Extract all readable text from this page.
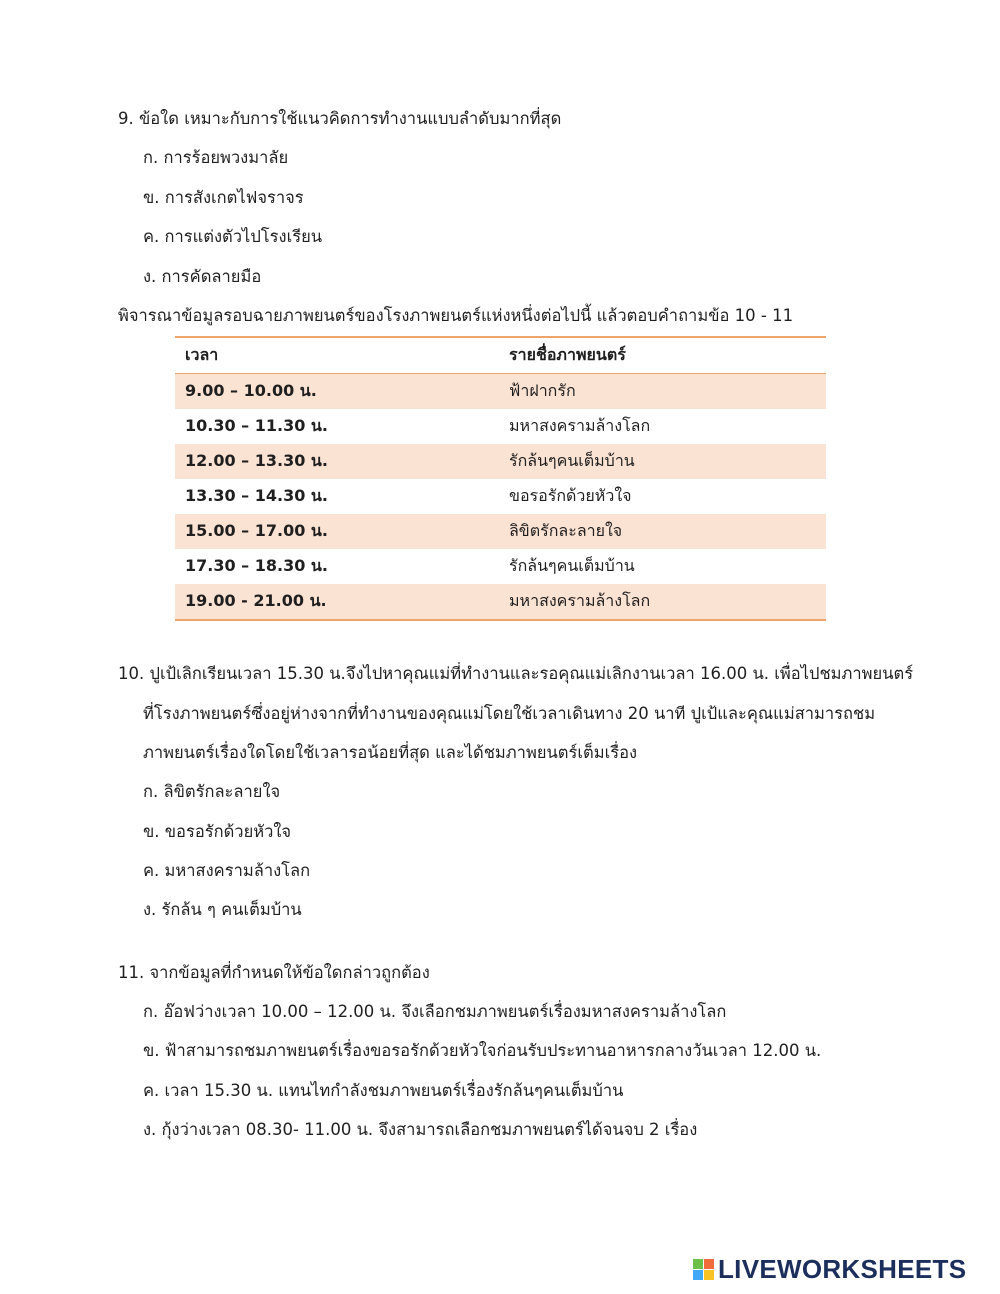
9. ข้อใด เหมาะกับการใช้แนวคิดการทำงานแบบลำดับมากที่สุด
ก. การร้อยพวงมาลัย
ข. การสังเกตไฟจราจร
ค. การแต่งตัวไปโรงเรียน
ง. การคัดลายมือ
พิจารณาข้อมูลรอบฉายภาพยนตร์ของโรงภาพยนตร์แห่งหนึ่งต่อไปนี้ แล้วตอบคำถามข้อ 10 - 11
เวลา	รายชื่อภาพยนตร์
9.00 – 10.00 น.	ฟ้าฝากรัก
10.30 – 11.30 น.	มหาสงครามล้างโลก
12.00 – 13.30 น.	รักล้นๆคนเต็มบ้าน
13.30 – 14.30 น.	ขอรอรักด้วยหัวใจ
15.00 – 17.00 น.	ลิขิตรักละลายใจ
17.30 – 18.30 น.	รักล้นๆคนเต็มบ้าน
19.00 - 21.00 น.	มหาสงครามล้างโลก
10. ปูเป้เลิกเรียนเวลา 15.30 น.จึงไปหาคุณแม่ที่ทำงานและรอคุณแม่เลิกงานเวลา 16.00 น. เพื่อไปชมภาพยนตร์
ที่โรงภาพยนตร์ซึ่งอยู่ห่างจากที่ทำงานของคุณแม่โดยใช้เวลาเดินทาง 20 นาที ปูเป้และคุณแม่สามารถชม
ภาพยนตร์เรื่องใดโดยใช้เวลารอน้อยที่สุด และได้ชมภาพยนตร์เต็มเรื่อง
ก. ลิขิตรักละลายใจ
ข. ขอรอรักด้วยหัวใจ
ค. มหาสงครามล้างโลก
ง. รักล้น ๆ คนเต็มบ้าน
11. จากข้อมูลที่กำหนดให้ข้อใดกล่าวถูกต้อง
ก. อ๊อฟว่างเวลา 10.00 – 12.00 น. จึงเลือกชมภาพยนตร์เรื่องมหาสงครามล้างโลก
ข. ฟ้าสามารถชมภาพยนตร์เรื่องขอรอรักด้วยหัวใจก่อนรับประทานอาหารกลางวันเวลา 12.00 น.
ค. เวลา 15.30 น. แทนไทกำลังชมภาพยนตร์เรื่องรักล้นๆคนเต็มบ้าน
ง. กุ้งว่างเวลา 08.30- 11.00 น. จึงสามารถเลือกชมภาพยนตร์ได้จนจบ 2 เรื่อง
LIVEWORKSHEETS
